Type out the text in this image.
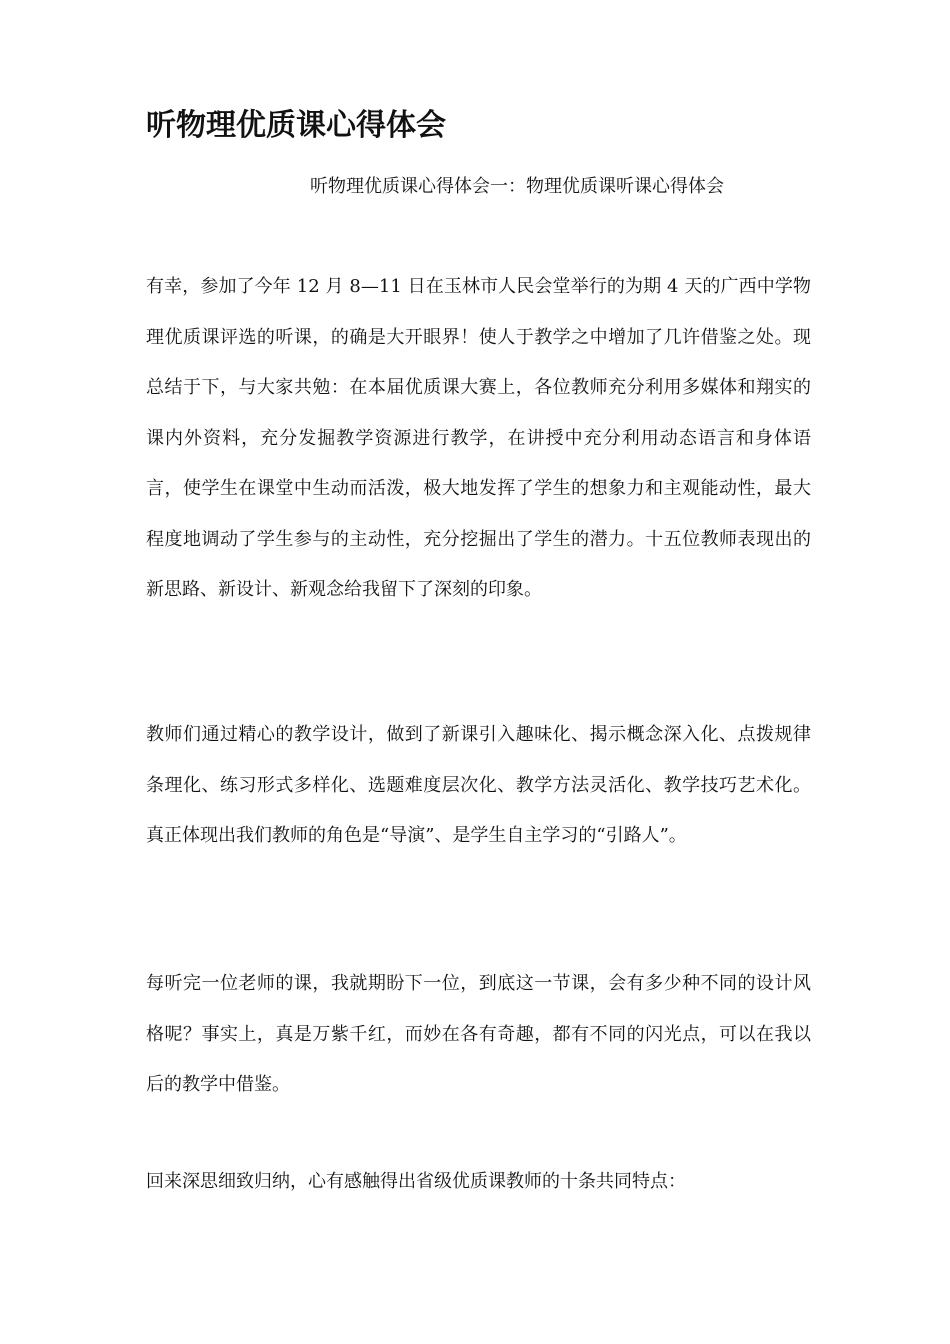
听物理优质课心得体会

听物理优质课心得体会一：物理优质课听课心得体会

有幸，参加了今年 12 月 8—11 日在玉林市人民会堂举行的为期 4 天的广西中学物理优质课评选的听课，的确是大开眼界！使人于教学之中增加了几许借鉴之处。现总结于下，与大家共勉：在本届优质课大赛上，各位教师充分利用多媒体和翔实的课内外资料，充分发掘教学资源进行教学，在讲授中充分利用动态语言和身体语言，使学生在课堂中生动而活泼，极大地发挥了学生的想象力和主观能动性，最大程度地调动了学生参与的主动性，充分挖掘出了学生的潜力。十五位教师表现出的新思路、新设计、新观念给我留下了深刻的印象。

教师们通过精心的教学设计，做到了新课引入趣味化、揭示概念深入化、点拨规律条理化、练习形式多样化、选题难度层次化、教学方法灵活化、教学技巧艺术化。真正体现出我们教师的角色是“导演”、是学生自主学习的“引路人”。

每听完一位老师的课，我就期盼下一位，到底这一节课，会有多少种不同的设计风格呢？事实上，真是万紫千红，而妙在各有奇趣，都有不同的闪光点，可以在我以后的教学中借鉴。

回来深思细致归纳，心有感触得出省级优质课教师的十条共同特点：
